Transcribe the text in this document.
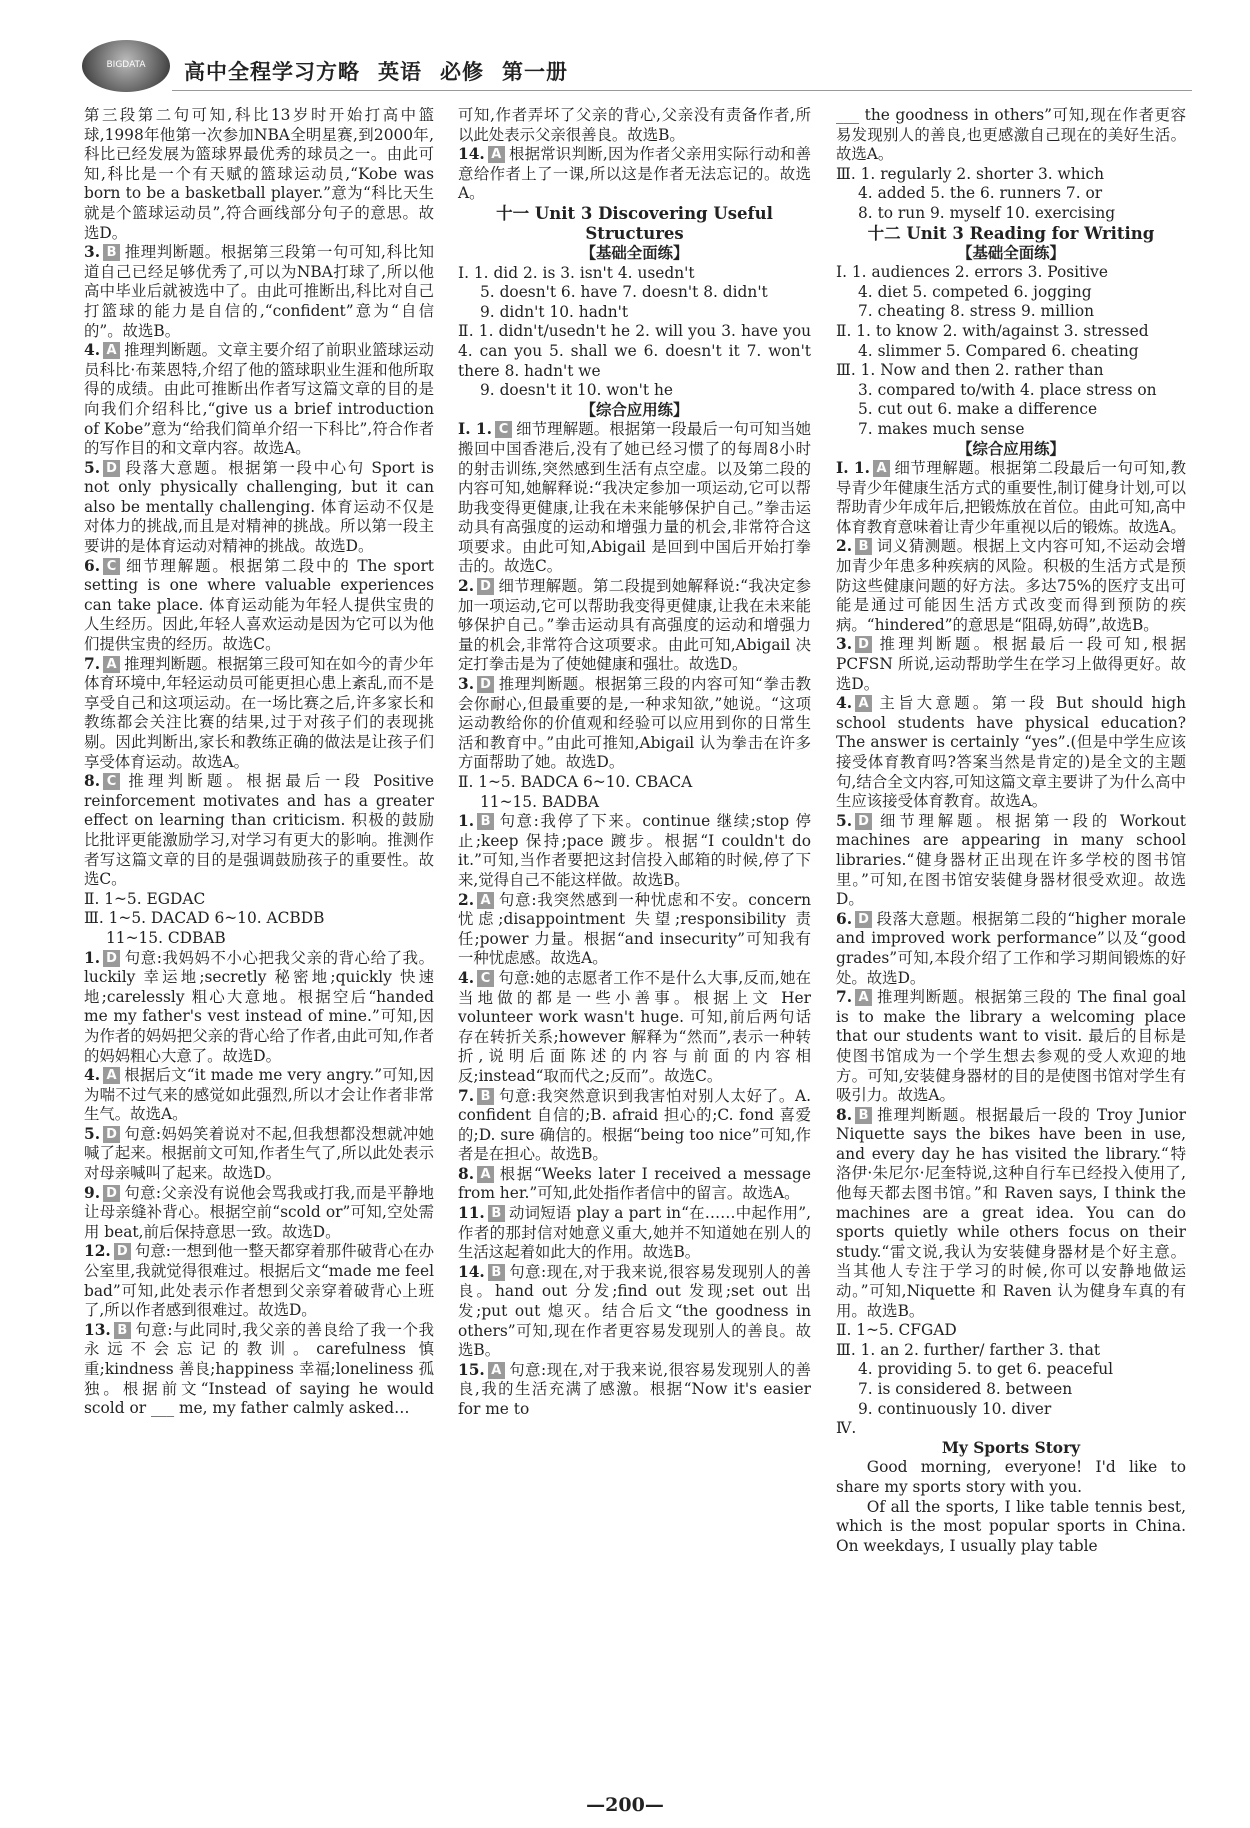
BIGDATA	高中全程学习方略 英语 必修 第一册
第三段第二句可知,科比13岁时开始打高中篮球,1998年他第一次参加NBA全明星赛,到2000年,科比已经发展为篮球界最优秀的球员之一。由此可知,科比是一个有天赋的篮球运动员,“Kobe was born to be a basketball player.”意为“科比天生就是个篮球运动员”,符合画线部分句子的意思。故选D。
3. B 推理判断题。根据第三段第一句可知,科比知道自己已经足够优秀了,可以为NBA打球了,所以他高中毕业后就被选中了。由此可推断出,科比对自己打篮球的能力是自信的,“confident”意为“自信的”。故选B。
4. A 推理判断题。文章主要介绍了前职业篮球运动员科比·布莱恩特,介绍了他的篮球职业生涯和他所取得的成绩。由此可推断出作者写这篇文章的目的是向我们介绍科比,“give us a brief introduction of Kobe”意为“给我们简单介绍一下科比”,符合作者的写作目的和文章内容。故选A。
5. D 段落大意题。根据第一段中心句 Sport is not only physically challenging, but it can also be mentally challenging. 体育运动不仅是对体力的挑战,而且是对精神的挑战。所以第一段主要讲的是体育运动对精神的挑战。故选D。
6. C 细节理解题。根据第二段中的 The sport setting is one where valuable experiences can take place. 体育运动能为年轻人提供宝贵的人生经历。因此,年轻人喜欢运动是因为它可以为他们提供宝贵的经历。故选C。
7. A 推理判断题。根据第三段可知在如今的青少年体育环境中,年轻运动员可能更担心患上紊乱,而不是享受自己和这项运动。在一场比赛之后,许多家长和教练都会关注比赛的结果,过于对孩子们的表现挑剔。因此判断出,家长和教练正确的做法是让孩子们享受体育运动。故选A。
8. C 推理判断题。根据最后一段 Positive reinforcement motivates and has a greater effect on learning than criticism. 积极的鼓励比批评更能激励学习,对学习有更大的影响。推测作者写这篇文章的目的是强调鼓励孩子的重要性。故选C。
Ⅱ. 1~5. EGDAC
Ⅲ. 1~5. DACAD 6~10. ACBDB
11~15. CDBAB
1. D 句意:我妈妈不小心把我父亲的背心给了我。luckily 幸运地;secretly 秘密地;quickly 快速地;carelessly 粗心大意地。根据空后“handed me my father's vest instead of mine.”可知,因为作者的妈妈把父亲的背心给了作者,由此可知,作者的妈妈粗心大意了。故选D。
4. A 根据后文“it made me very angry.”可知,因为喘不过气来的感觉如此强烈,所以才会让作者非常生气。故选A。
5. D 句意:妈妈笑着说对不起,但我想都没想就冲她喊了起来。根据前文可知,作者生气了,所以此处表示对母亲喊叫了起来。故选D。
9. D 句意:父亲没有说他会骂我或打我,而是平静地让母亲缝补背心。根据空前“scold or”可知,空处需用 beat,前后保持意思一致。故选D。
12. D 句意:一想到他一整天都穿着那件破背心在办公室里,我就觉得很难过。根据后文“made me feel bad”可知,此处表示作者想到父亲穿着破背心上班了,所以作者感到很难过。故选D。
13. B 句意:与此同时,我父亲的善良给了我一个我永远不会忘记的教训。carefulness 慎重;kindness 善良;happiness 幸福;loneliness 孤独。根据前文“Instead of saying he would scold or ___ me, my father calmly asked…
可知,作者弄坏了父亲的背心,父亲没有责备作者,所以此处表示父亲很善良。故选B。
14. A 根据常识判断,因为作者父亲用实际行动和善意给作者上了一课,所以这是作者无法忘记的。故选A。
十一 Unit 3 Discovering Useful Structures
【基础全面练】
Ⅰ. 1. did 2. is 3. isn't 4. usedn't
5. doesn't 6. have 7. doesn't 8. didn't
9. didn't 10. hadn't
Ⅱ. 1. didn't/usedn't he 2. will you 3. have you 4. can you 5. shall we 6. doesn't it 7. won't there 8. hadn't we
9. doesn't it 10. won't he
【综合应用练】
Ⅰ. 1. C 细节理解题。根据第一段最后一句可知当她搬回中国香港后,没有了她已经习惯了的每周8小时的射击训练,突然感到生活有点空虚。以及第二段的内容可知,她解释说:“我决定参加一项运动,它可以帮助我变得更健康,让我在未来能够保护自己。”拳击运动具有高强度的运动和增强力量的机会,非常符合这项要求。由此可知,Abigail 是回到中国后开始打拳击的。故选C。
2. D 细节理解题。第二段提到她解释说:“我决定参加一项运动,它可以帮助我变得更健康,让我在未来能够保护自己。”拳击运动具有高强度的运动和增强力量的机会,非常符合这项要求。由此可知,Abigail 决定打拳击是为了使她健康和强壮。故选D。
3. D 推理判断题。根据第三段的内容可知“拳击教会你耐心,但最重要的是,一种求知欲,”她说。“这项运动教给你的价值观和经验可以应用到你的日常生活和教育中。”由此可推知,Abigail 认为拳击在许多方面帮助了她。故选D。
Ⅱ. 1~5. BADCA 6~10. CBACA
11~15. BADBA
1. B 句意:我停了下来。continue 继续;stop 停止;keep 保持;pace 踱步。根据“I couldn't do it.”可知,当作者要把这封信投入邮箱的时候,停了下来,觉得自己不能这样做。故选B。
2. A 句意:我突然感到一种忧虑和不安。concern 忧虑;disappointment 失望;responsibility 责任;power 力量。根据“and insecurity”可知我有一种忧虑感。故选A。
4. C 句意:她的志愿者工作不是什么大事,反而,她在当地做的都是一些小善事。根据上文 Her volunteer work wasn't huge. 可知,前后两句话存在转折关系;however 解释为“然而”,表示一种转折,说明后面陈述的内容与前面的内容相反;instead“取而代之;反而”。故选C。
7. B 句意:我突然意识到我害怕对别人太好了。A. confident 自信的;B. afraid 担心的;C. fond 喜爱的;D. sure 确信的。根据“being too nice”可知,作者是在担心。故选B。
8. A 根据“Weeks later I received a message from her.”可知,此处指作者信中的留言。故选A。
11. B 动词短语 play a part in“在……中起作用”,作者的那封信对她意义重大,她并不知道她在别人的生活这起着如此大的作用。故选B。
14. B 句意:现在,对于我来说,很容易发现别人的善良。hand out 分发;find out 发现;set out 出发;put out 熄灭。结合后文“the goodness in others”可知,现在作者更容易发现别人的善良。故选B。
15. A 句意:现在,对于我来说,很容易发现别人的善良,我的生活充满了感激。根据“Now it's easier for me to
___ the goodness in others”可知,现在作者更容易发现别人的善良,也更感激自己现在的美好生活。故选A。
Ⅲ. 1. regularly 2. shorter 3. which
4. added 5. the 6. runners 7. or
8. to run 9. myself 10. exercising
十二 Unit 3 Reading for Writing
【基础全面练】
Ⅰ. 1. audiences 2. errors 3. Positive
4. diet 5. competed 6. jogging
7. cheating 8. stress 9. million
Ⅱ. 1. to know 2. with/against 3. stressed
4. slimmer 5. Compared 6. cheating
Ⅲ. 1. Now and then 2. rather than
3. compared to/with 4. place stress on
5. cut out 6. make a difference
7. makes much sense
【综合应用练】
Ⅰ. 1. A 细节理解题。根据第二段最后一句可知,教导青少年健康生活方式的重要性,制订健身计划,可以帮助青少年成年后,把锻炼放在首位。由此可知,高中体育教育意味着让青少年重视以后的锻炼。故选A。
2. B 词义猜测题。根据上文内容可知,不运动会增加青少年患多种疾病的风险。积极的生活方式是预防这些健康问题的好方法。多达75%的医疗支出可能是通过可能因生活方式改变而得到预防的疾病。“hindered”的意思是“阻碍,妨碍”,故选B。
3. D 推理判断题。根据最后一段可知,根据 PCFSN 所说,运动帮助学生在学习上做得更好。故选D。
4. A 主旨大意题。第一段 But should high school students have physical education? The answer is certainly “yes”.(但是中学生应该接受体育教育吗?答案当然是肯定的)是全文的主题句,结合全文内容,可知这篇文章主要讲了为什么高中生应该接受体育教育。故选A。
5. D 细节理解题。根据第一段的 Workout machines are appearing in many school libraries.“健身器材正出现在许多学校的图书馆里。”可知,在图书馆安装健身器材很受欢迎。故选D。
6. D 段落大意题。根据第二段的“higher morale and improved work performance”以及“good grades”可知,本段介绍了工作和学习期间锻炼的好处。故选D。
7. A 推理判断题。根据第三段的 The final goal is to make the library a welcoming place that our students want to visit. 最后的目标是使图书馆成为一个学生想去参观的受人欢迎的地方。可知,安装健身器材的目的是使图书馆对学生有吸引力。故选A。
8. B 推理判断题。根据最后一段的 Troy Junior Niquette says the bikes have been in use, and every day he has visited the library.“特洛伊·朱尼尔·尼奎特说,这种自行车已经投入使用了,他每天都去图书馆。”和 Raven says, I think the machines are a great idea. You can do sports quietly while others focus on their study.“雷文说,我认为安装健身器材是个好主意。当其他人专注于学习的时候,你可以安静地做运动。”可知,Niquette 和 Raven 认为健身车真的有用。故选B。
Ⅱ. 1~5. CFGAD
Ⅲ. 1. an 2. further/ farther 3. that
4. providing 5. to get 6. peaceful
7. is considered 8. between
9. continuously 10. diver
Ⅳ.
My Sports Story
Good morning, everyone! I'd like to share my sports story with you.
Of all the sports, I like table tennis best, which is the most popular sports in China. On weekdays, I usually play table
—200—
